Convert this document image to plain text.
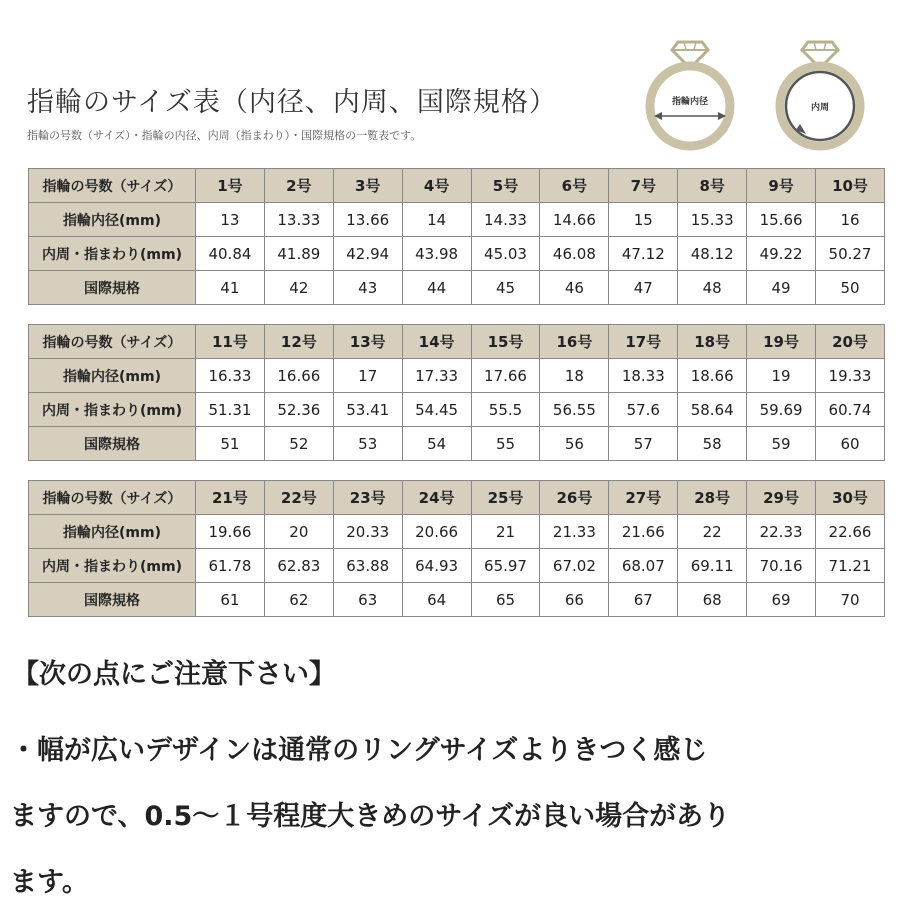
指輪のサイズ表（内径、内周、国際規格）

指輪の号数（サイズ）・指輪の内径、内周（指まわり）・国際規格の一覧表です。

指輪内径
内周
指輪の号数（サイズ）	1号	2号	3号	4号	5号	6号	7号	8号	9号	10号
指輪内径(mm)	13	13.33	13.66	14	14.33	14.66	15	15.33	15.66	16
内周・指まわり(mm)	40.84	41.89	42.94	43.98	45.03	46.08	47.12	48.12	49.22	50.27
国際規格	41	42	43	44	45	46	47	48	49	50
指輪の号数（サイズ）	11号	12号	13号	14号	15号	16号	17号	18号	19号	20号
指輪内径(mm)	16.33	16.66	17	17.33	17.66	18	18.33	18.66	19	19.33
内周・指まわり(mm)	51.31	52.36	53.41	54.45	55.5	56.55	57.6	58.64	59.69	60.74
国際規格	51	52	53	54	55	56	57	58	59	60
指輪の号数（サイズ）	21号	22号	23号	24号	25号	26号	27号	28号	29号	30号
指輪内径(mm)	19.66	20	20.33	20.66	21	21.33	21.66	22	22.33	22.66
内周・指まわり(mm)	61.78	62.83	63.88	64.93	65.97	67.02	68.07	69.11	70.16	71.21
国際規格	61	62	63	64	65	66	67	68	69	70

【次の点にご注意下さい】

・幅が広いデザインは通常のリングサイズよりきつく感じ
ますので、0.5～１号程度大きめのサイズが良い場合があり
ます。
